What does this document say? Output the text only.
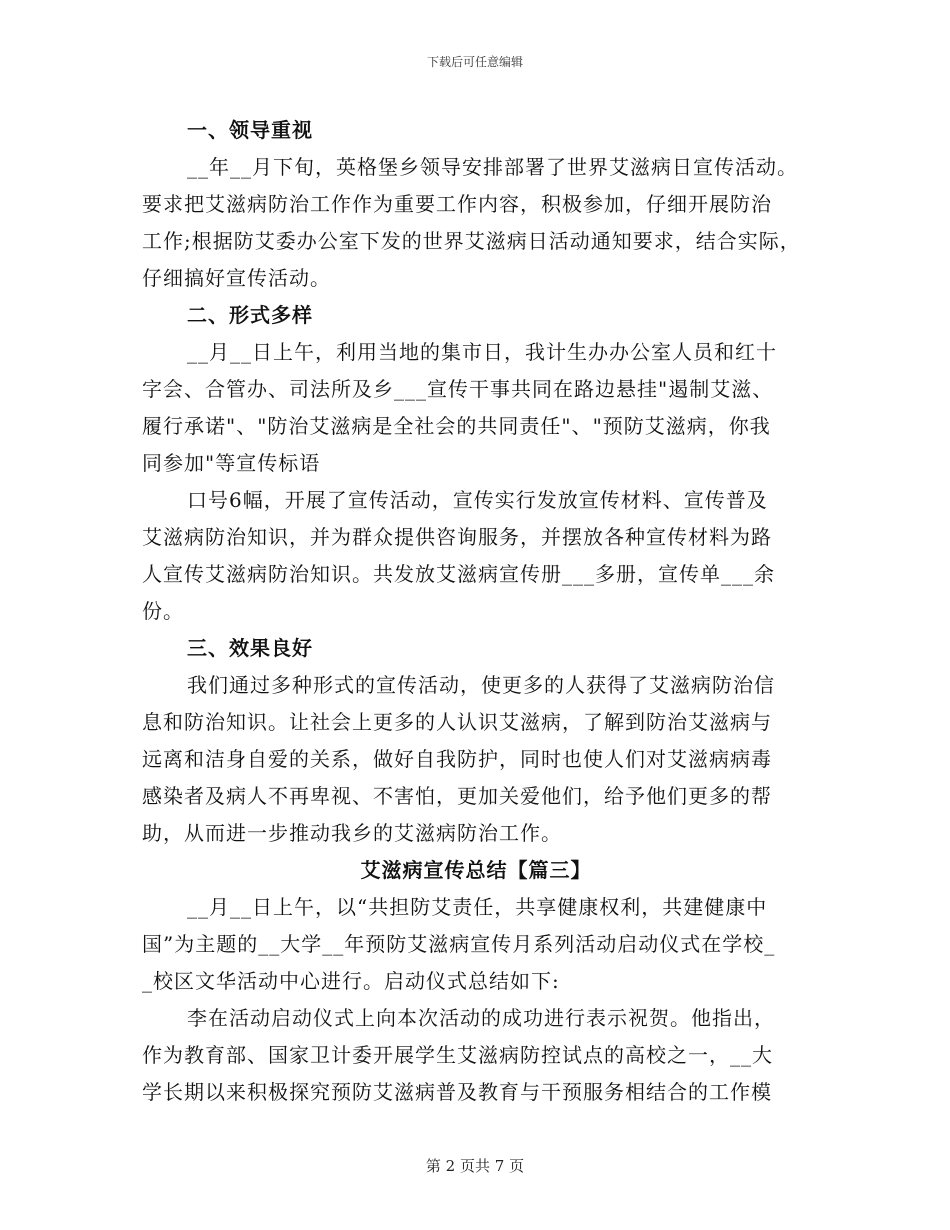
下载后可任意编辑
一、领导重视
__年__月下旬，英格堡乡领导安排部署了世界艾滋病日宣传活动。
要求把艾滋病防治工作作为重要工作内容，积极参加，仔细开展防治
工作;根据防艾委办公室下发的世界艾滋病日活动通知要求，结合实际，
仔细搞好宣传活动。
二、形式多样
__月__日上午，利用当地的集市日，我计生办办公室人员和红十
字会、合管办、司法所及乡___宣传干事共同在路边悬挂"遏制艾滋、
履行承诺"、"防治艾滋病是全社会的共同责任"、"预防艾滋病，你我
同参加"等宣传标语
口号6幅，开展了宣传活动，宣传实行发放宣传材料、宣传普及
艾滋病防治知识，并为群众提供咨询服务，并摆放各种宣传材料为路
人宣传艾滋病防治知识。共发放艾滋病宣传册___多册，宣传单___余
份。
三、效果良好
我们通过多种形式的宣传活动，使更多的人获得了艾滋病防治信
息和防治知识。让社会上更多的人认识艾滋病，了解到防治艾滋病与
远离和洁身自爱的关系，做好自我防护，同时也使人们对艾滋病病毒
感染者及病人不再卑视、不害怕，更加关爱他们，给予他们更多的帮
助，从而进一步推动我乡的艾滋病防治工作。
艾滋病宣传总结【篇三】
__月__日上午，以“共担防艾责任，共享健康权利，共建健康中
国”为主题的__大学__年预防艾滋病宣传月系列活动启动仪式在学校_
_校区文华活动中心进行。启动仪式总结如下:
李在活动启动仪式上向本次活动的成功进行表示祝贺。他指出，
作为教育部、国家卫计委开展学生艾滋病防控试点的高校之一，__大
学长期以来积极探究预防艾滋病普及教育与干预服务相结合的工作模
第 2 页共 7 页
